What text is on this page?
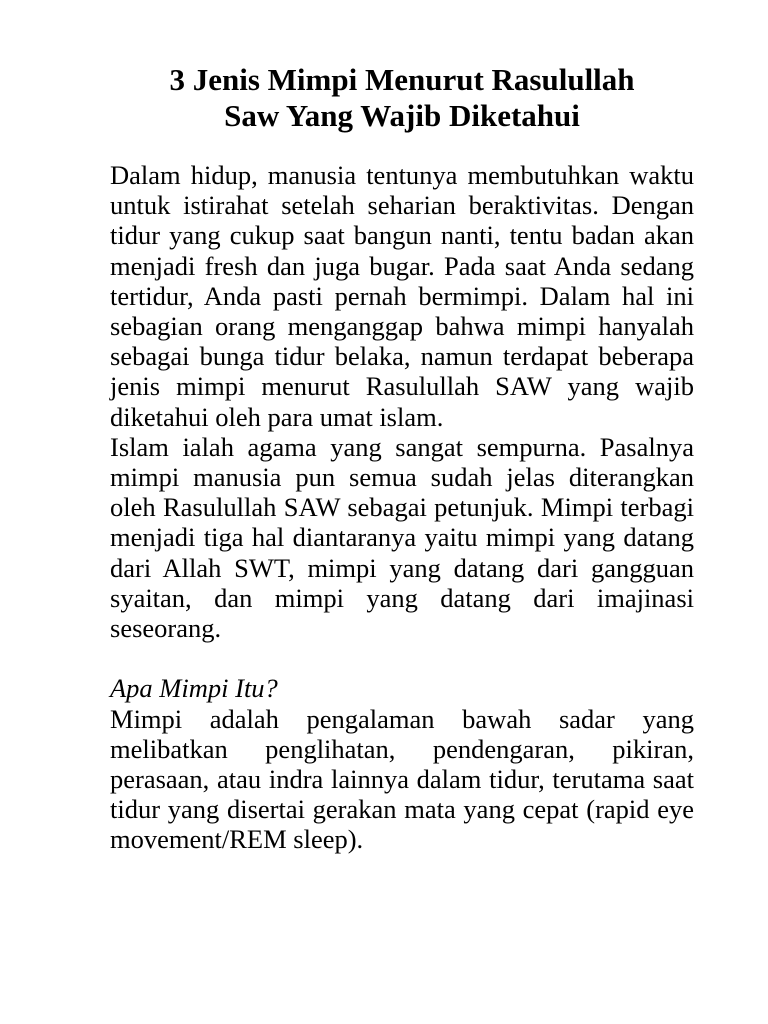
3 Jenis Mimpi Menurut Rasulullah
Saw Yang Wajib Diketahui

Dalam hidup, manusia tentunya membutuhkan waktu untuk istirahat setelah seharian beraktivitas. Dengan tidur yang cukup saat bangun nanti, tentu badan akan menjadi fresh dan juga bugar. Pada saat Anda sedang tertidur, Anda pasti pernah bermimpi. Dalam hal ini sebagian orang menganggap bahwa mimpi hanyalah sebagai bunga tidur belaka, namun terdapat beberapa jenis mimpi menurut Rasulullah SAW yang wajib diketahui oleh para umat islam.

Islam ialah agama yang sangat sempurna. Pasalnya mimpi manusia pun semua sudah jelas diterangkan oleh Rasulullah SAW sebagai petunjuk. Mimpi terbagi menjadi tiga hal diantaranya yaitu mimpi yang datang dari Allah SWT, mimpi yang datang dari gangguan syaitan, dan mimpi yang datang dari imajinasi seseorang.

Apa Mimpi Itu?

Mimpi adalah pengalaman bawah sadar yang melibatkan penglihatan, pendengaran, pikiran, perasaan, atau indra lainnya dalam tidur, terutama saat tidur yang disertai gerakan mata yang cepat (rapid eye movement/REM sleep).
